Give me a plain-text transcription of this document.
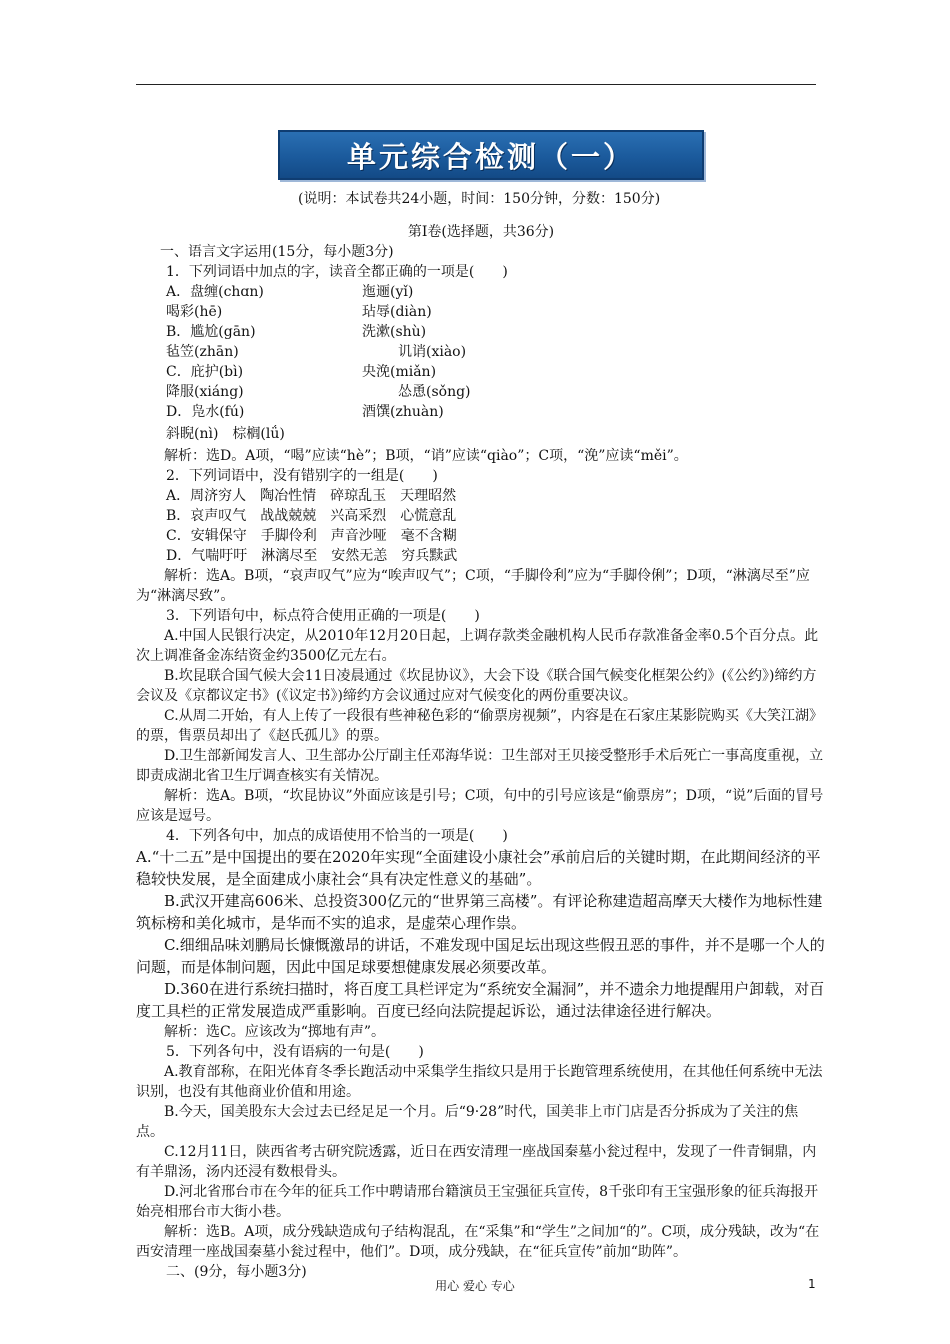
单元综合检测（一）
(说明：本试卷共24小题，时间：150分钟，分数：150分)

第Ⅰ卷(选择题，共36分)

一、语言文字运用(15分，每小题3分)

1．下列词语中加点的字，读音全都正确的一项是(　　)

A．盘缠(chɑn)	迤逦(yǐ)
喝彩(hē)	玷辱(diàn)
B．尴尬(gān)	洗漱(shù)
毡笠(zhān)	讥诮(xiào)
C．庇护(bì)	央浼(miǎn)
降服(xiáng)	怂恿(sǒng)
D．凫水(fú)	酒馔(zhuàn)

斜睨(nì)　棕榈(lǘ)

解析：选D。A项，“喝”应读“hè”；B项，“诮”应读“qiào”；C项，“浼”应读“měi”。

2．下列词语中，没有错别字的一组是(　　)

A．周济穷人　陶冶性情　碎琼乱玉　天理昭然

B．哀声叹气　战战兢兢　兴高采烈　心慌意乱

C．安辑保守　手脚伶利　声音沙哑　毫不含糊

D．气喘吁吁　淋漓尽至　安然无恙　穷兵黩武

解析：选A。B项，“哀声叹气”应为“唉声叹气”；C项，“手脚伶利”应为“手脚伶俐”；D项，“淋漓尽至”应为“淋漓尽致”。

3．下列语句中，标点符合使用正确的一项是(　　)

A.中国人民银行决定，从2010年12月20日起，上调存款类金融机构人民币存款准备金率0.5个百分点。此次上调准备金冻结资金约3500亿元左右。

B.坎昆联合国气候大会11日凌晨通过《坎昆协议》，大会下设《联合国气候变化框架公约》(《公约》)缔约方会议及《京都议定书》(《议定书》)缔约方会议通过应对气候变化的两份重要决议。

C.从周二开始，有人上传了一段很有些神秘色彩的“偷票房视频”，内容是在石家庄某影院购买《大笑江湖》的票，售票员却出了《赵氏孤儿》的票。

D.卫生部新闻发言人、卫生部办公厅副主任邓海华说：卫生部对王贝接受整形手术后死亡一事高度重视，立即责成湖北省卫生厅调查核实有关情况。

解析：选A。B项，“坎昆协议”外面应该是引号；C项，句中的引号应该是“偷票房”；D项，“说”后面的冒号应该是逗号。

4．下列各句中，加点的成语使用不恰当的一项是(　　)

A.“十二五”是中国提出的要在2020年实现“全面建设小康社会”承前启后的关键时期，在此期间经济的平稳较快发展，是全面建成小康社会“具有决定性意义的基础”。

B.武汉开建高606米、总投资300亿元的“世界第三高楼”。有评论称建造超高摩天大楼作为地标性建筑标榜和美化城市，是华而不实的追求，是虚荣心理作祟。

C.细细品味刘鹏局长慷慨激昂的讲话，不难发现中国足坛出现这些假丑恶的事件，并不是哪一个人的问题，而是体制问题，因此中国足球要想健康发展必须要改革。

D.360在进行系统扫描时，将百度工具栏评定为“系统安全漏洞”，并不遗余力地提醒用户卸载，对百度工具栏的正常发展造成严重影响。百度已经向法院提起诉讼，通过法律途径进行解决。

解析：选C。应该改为“掷地有声”。

5．下列各句中，没有语病的一句是(　　)

A.教育部称，在阳光体育冬季长跑活动中采集学生指纹只是用于长跑管理系统使用，在其他任何系统中无法识别，也没有其他商业价值和用途。

B.今天，国美股东大会过去已经足足一个月。后“9·28”时代，国美非上市门店是否分拆成为了关注的焦点。

C.12月11日，陕西省考古研究院透露，近日在西安清理一座战国秦墓小瓮过程中，发现了一件青铜鼎，内有羊鼎汤，汤内还浸有数根骨头。

D.河北省邢台市在今年的征兵工作中聘请邢台籍演员王宝强征兵宣传，8千张印有王宝强形象的征兵海报开始亮相邢台市大街小巷。

解析：选B。A项，成分残缺造成句子结构混乱，在“采集”和“学生”之间加“的”。C项，成分残缺，改为“在西安清理一座战国秦墓小瓮过程中，他们”。D项，成分残缺，在“征兵宣传”前加“助阵”。

二、(9分，每小题3分)

用心 爱心 专心	1
